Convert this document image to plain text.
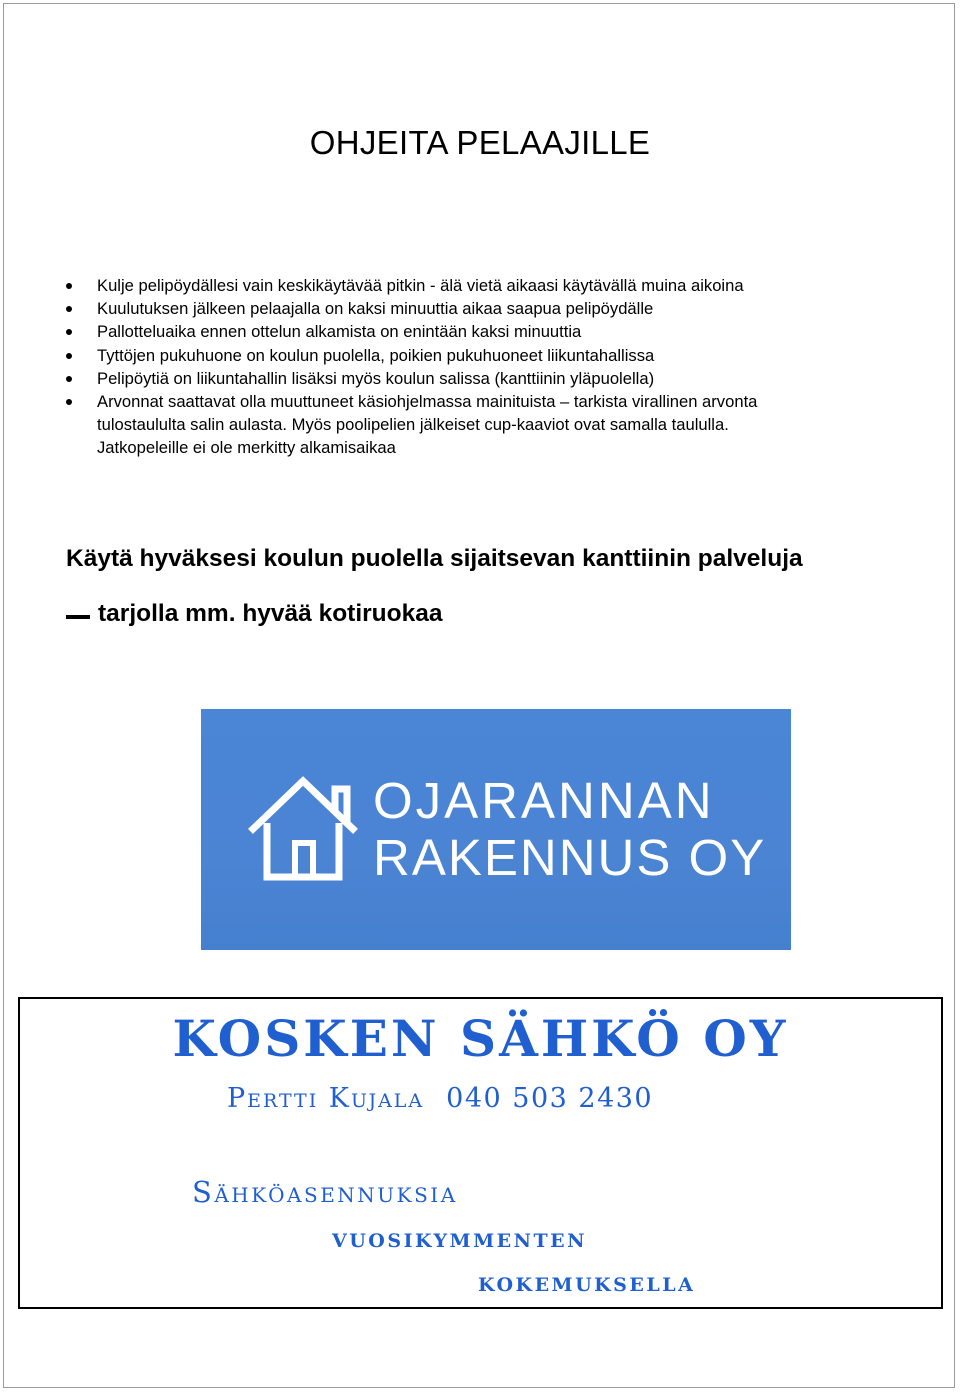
OHJEITA PELAAJILLE
Kulje pelipöydällesi vain keskikäytävää pitkin - älä vietä aikaasi käytävällä muina aikoina
Kuulutuksen jälkeen pelaajalla on kaksi minuuttia aikaa saapua pelipöydälle
Pallotteluaika ennen ottelun alkamista on enintään kaksi minuuttia
Tyttöjen pukuhuone on koulun puolella, poikien pukuhuoneet liikuntahallissa
Pelipöytiä on liikuntahallin lisäksi myös koulun salissa (kanttiinin yläpuolella)
Arvonnat saattavat olla muuttuneet käsiohjelmassa mainituista – tarkista virallinen arvonta
tulostaululta salin aulasta. Myös poolipelien jälkeiset cup-kaaviot ovat samalla taululla.
Jatkopeleille ei ole merkitty alkamisaikaa
Käytä hyväksesi koulun puolella sijaitsevan kanttiinin palveluja
tarjolla mm. hyvää kotiruokaa
OJARANNAN
RAKENNUS OY
KOSKEN SÄHKÖ OY
Pertti Kujala 040 503 2430
Sähköasennuksia
vuosikymmenten
kokemuksella
